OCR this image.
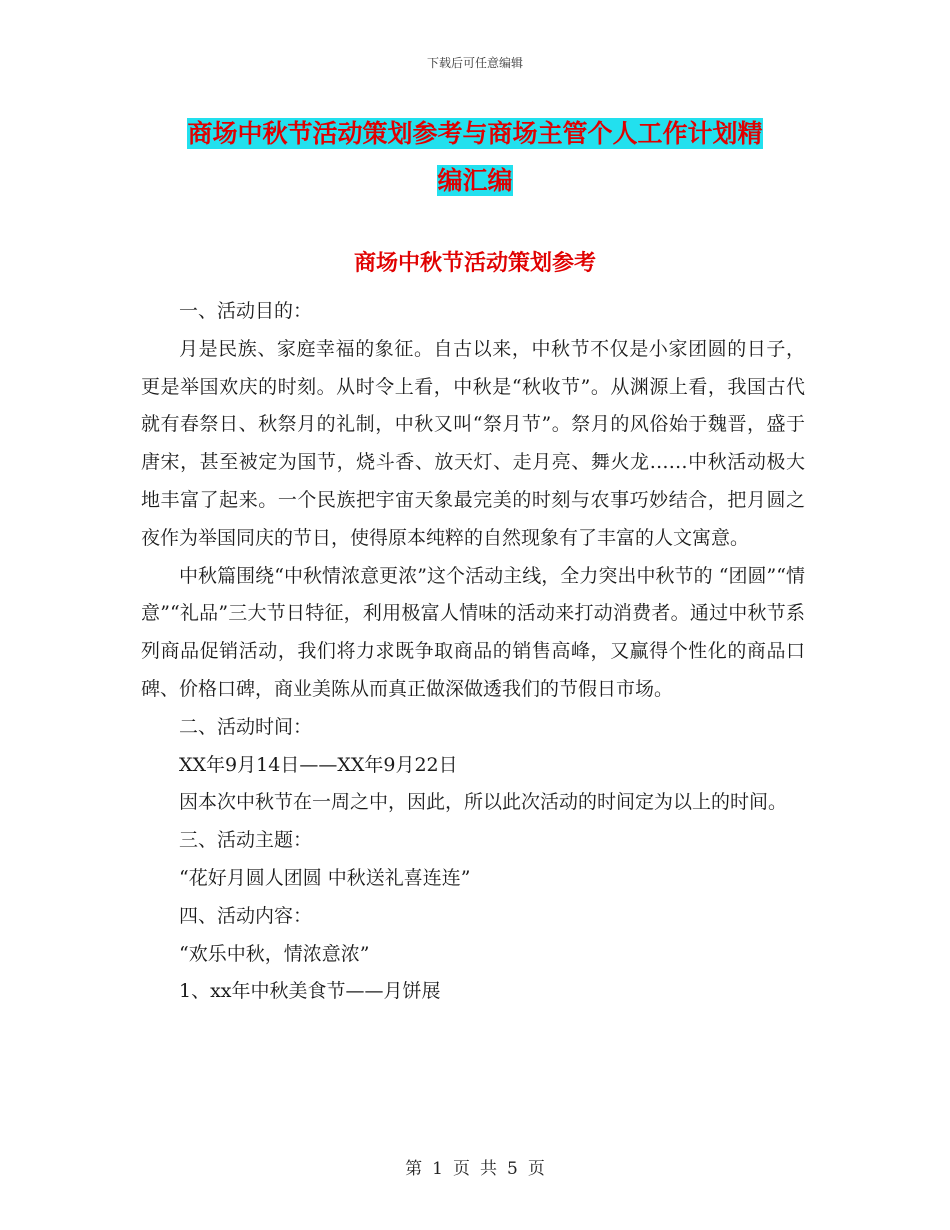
下载后可任意编辑
商场中秋节活动策划参考与商场主管个人工作计划精
编汇编
商场中秋节活动策划参考

一、活动目的：

月是民族、家庭幸福的象征。自古以来，中秋节不仅是小家团圆的日子，更是举国欢庆的时刻。从时令上看，中秋是“秋收节”。从渊源上看，我国古代就有春祭日、秋祭月的礼制，中秋又叫“祭月节”。祭月的风俗始于魏晋，盛于唐宋，甚至被定为国节，烧斗香、放天灯、走月亮、舞火龙……中秋活动极大地丰富了起来。一个民族把宇宙天象最完美的时刻与农事巧妙结合，把月圆之夜作为举国同庆的节日，使得原本纯粹的自然现象有了丰富的人文寓意。

中秋篇围绕“中秋情浓意更浓”这个活动主线，全力突出中秋节的 “团圆”“情意”“礼品”三大节日特征，利用极富人情味的活动来打动消费者。通过中秋节系列商品促销活动，我们将力求既争取商品的销售高峰，又赢得个性化的商品口碑、价格口碑，商业美陈从而真正做深做透我们的节假日市场。

二、活动时间：

XX年9月14日——XX年9月22日

因本次中秋节在一周之中，因此，所以此次活动的时间定为以上的时间。

三、活动主题：

“花好月圆人团圆 中秋送礼喜连连”

四、活动内容：

“欢乐中秋，情浓意浓”

1、xx年中秋美食节——月饼展

第 1 页 共 5 页
